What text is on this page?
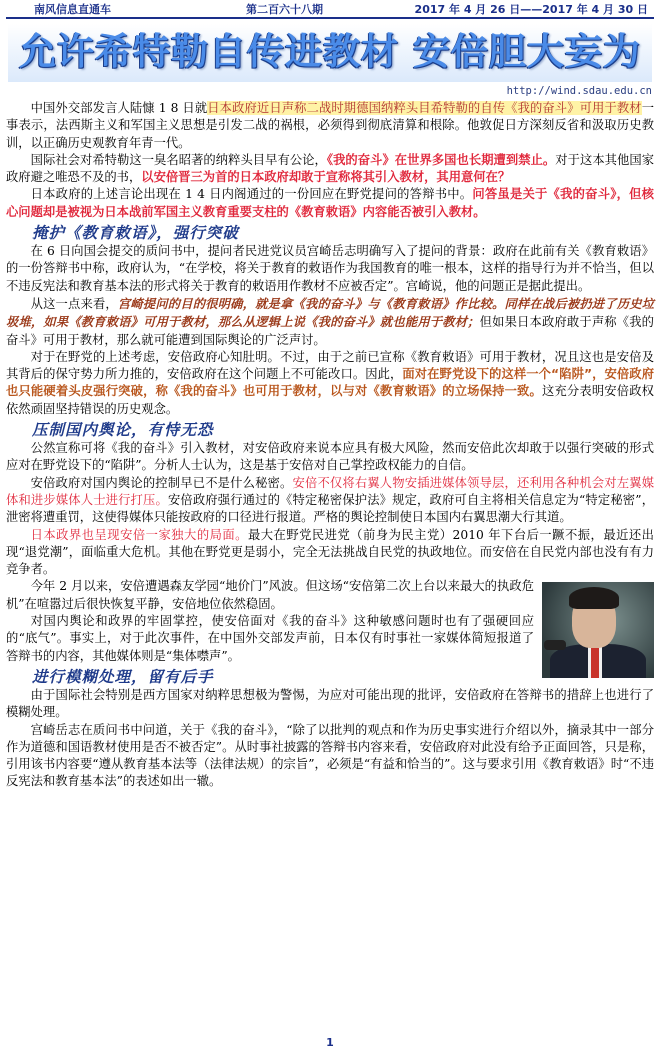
南风信息直通车	第二百六十八期	2017 年 4 月 26 日——2017 年 4 月 30 日
允许希特勒自传进教材 安倍胆大妄为
http://wind.sdau.edu.cn

中国外交部发言人陆慷 1 8 日就日本政府近日声称二战时期德国纳粹头目希特勒的自传《我的奋斗》可用于教材一事表示，法西斯主义和军国主义思想是引发二战的祸根，必须得到彻底清算和根除。他敦促日方深刻反省和汲取历史教训，以正确历史观教育年青一代。

国际社会对希特勒这一臭名昭著的纳粹头目早有公论，《我的奋斗》在世界多国也长期遭到禁止。对于这本其他国家政府避之唯恐不及的书，以安倍晋三为首的日本政府却敢于宣称将其引入教材，其用意何在？

日本政府的上述言论出现在 1 4 日内阁通过的一份回应在野党提问的答辩书中。问答虽是关于《我的奋斗》，但核心问题却是被视为日本战前军国主义教育重要支柱的《教育敕语》内容能否被引入教材。

掩护《教育敕语》，强行突破

在 6 日向国会提交的质问书中，提问者民进党议员宫崎岳志明确写入了提问的背景：政府在此前有关《教育敕语》的一份答辩书中称，政府认为，“在学校，将关于教育的敕语作为我国教育的唯一根本，这样的指导行为并不恰当，但以不违反宪法和教育基本法的形式将关于教育的敕语用作教材不应被否定”。宫崎说，他的问题正是据此提出。

从这一点来看，宫崎提问的目的很明确，就是拿《我的奋斗》与《教育敕语》作比较。同样在战后被扔进了历史垃圾堆，如果《教育敕语》可用于教材，那么从逻辑上说《我的奋斗》就也能用于教材；但如果日本政府敢于声称《我的奋斗》可用于教材，那么就可能遭到国际舆论的广泛声讨。

对于在野党的上述考虑，安倍政府心知肚明。不过，由于之前已宣称《教育敕语》可用于教材，况且这也是安倍及其背后的保守势力所力推的，安倍政府在这个问题上不可能改口。因此，面对在野党设下的这样一个“陷阱”，安倍政府也只能硬着头皮强行突破，称《我的奋斗》也可用于教材，以与对《教育敕语》的立场保持一致。这充分表明安倍政权依然顽固坚持错误的历史观念。

压制国内舆论，有恃无恐

公然宣称可将《我的奋斗》引入教材，对安倍政府来说本应具有极大风险，然而安倍此次却敢于以强行突破的形式应对在野党设下的“陷阱”。分析人士认为，这是基于安倍对自己掌控政权能力的自信。

安倍政府对国内舆论的控制早已不是什么秘密。安倍不仅将右翼人物安插进媒体领导层，还利用各种机会对左翼媒体和进步媒体人士进行打压。安倍政府强行通过的《特定秘密保护法》规定，政府可自主将相关信息定为“特定秘密”，泄密将遭重罚，这使得媒体只能按政府的口径进行报道。严格的舆论控制使日本国内右翼思潮大行其道。

日本政界也呈现安倍一家独大的局面。最大在野党民进党（前身为民主党）2010 年下台后一蹶不振，最近还出现“退党潮”，面临重大危机。其他在野党更是弱小，完全无法挑战自民党的执政地位。而安倍在自民党内部也没有有力竞争者。

今年 2 月以来，安倍遭遇森友学园“地价门”风波。但这场“安倍第二次上台以来最大的执政危机”在喧嚣过后很快恢复平静，安倍地位依然稳固。

对国内舆论和政界的牢固掌控，使安倍面对《我的奋斗》这种敏感问题时也有了强硬回应的“底气”。事实上，对于此次事件，在中国外交部发声前，日本仅有时事社一家媒体简短报道了答辩书的内容，其他媒体则是“集体噤声”。

进行模糊处理，留有后手

由于国际社会特别是西方国家对纳粹思想极为警惕，为应对可能出现的批评，安倍政府在答辩书的措辞上也进行了模糊处理。

宫崎岳志在质问书中问道，关于《我的奋斗》，“除了以批判的观点和作为历史事实进行介绍以外，摘录其中一部分作为道德和国语教材使用是否不被否定”。从时事社披露的答辩书内容来看，安倍政府对此没有给予正面回答，只是称，引用该书内容要“遵从教育基本法等（法律法规）的宗旨”，必须是“有益和恰当的”。这与要求引用《教育敕语》时“不违反宪法和教育基本法”的表述如出一辙。

1
